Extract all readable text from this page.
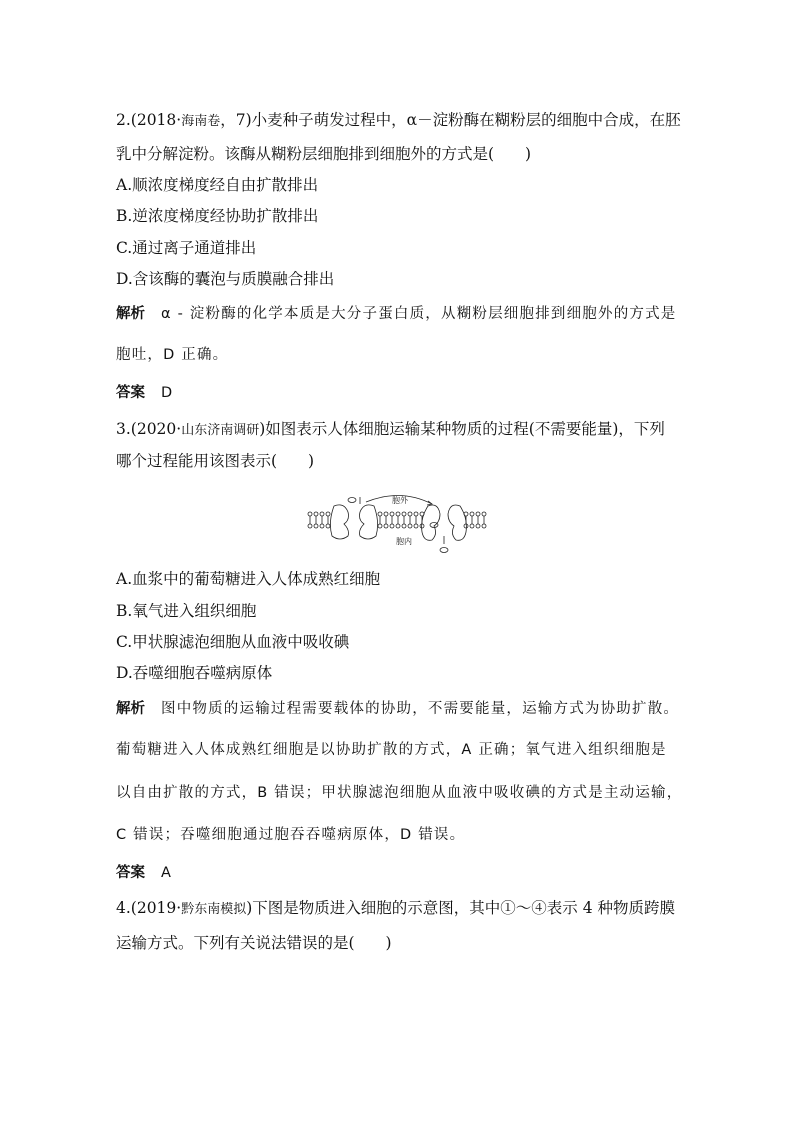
2.(2018·海南卷，7)小麦种子萌发过程中，α－淀粉酶在糊粉层的细胞中合成，在胚
乳中分解淀粉。该酶从糊粉层细胞排到细胞外的方式是(　　)
A.顺浓度梯度经自由扩散排出
B.逆浓度梯度经协助扩散排出
C.通过离子通道排出
D.含该酶的囊泡与质膜融合排出
解析 α - 淀粉酶的化学本质是大分子蛋白质，从糊粉层细胞排到细胞外的方式是
胞吐，D 正确。
答案 D
3.(2020·山东济南调研)如图表示人体细胞运输某种物质的过程(不需要能量)，下列
哪个过程能用该图表示(　　)
胞外
胞内
A.血浆中的葡萄糖进入人体成熟红细胞
B.氧气进入组织细胞
C.甲状腺滤泡细胞从血液中吸收碘
D.吞噬细胞吞噬病原体
解析 图中物质的运输过程需要载体的协助，不需要能量，运输方式为协助扩散。
葡萄糖进入人体成熟红细胞是以协助扩散的方式，A 正确；氧气进入组织细胞是
以自由扩散的方式，B 错误；甲状腺滤泡细胞从血液中吸收碘的方式是主动运输，
C 错误；吞噬细胞通过胞吞吞噬病原体，D 错误。
答案 A
4.(2019·黔东南模拟)下图是物质进入细胞的示意图，其中①～④表示 4 种物质跨膜
运输方式。下列有关说法错误的是(　　)
